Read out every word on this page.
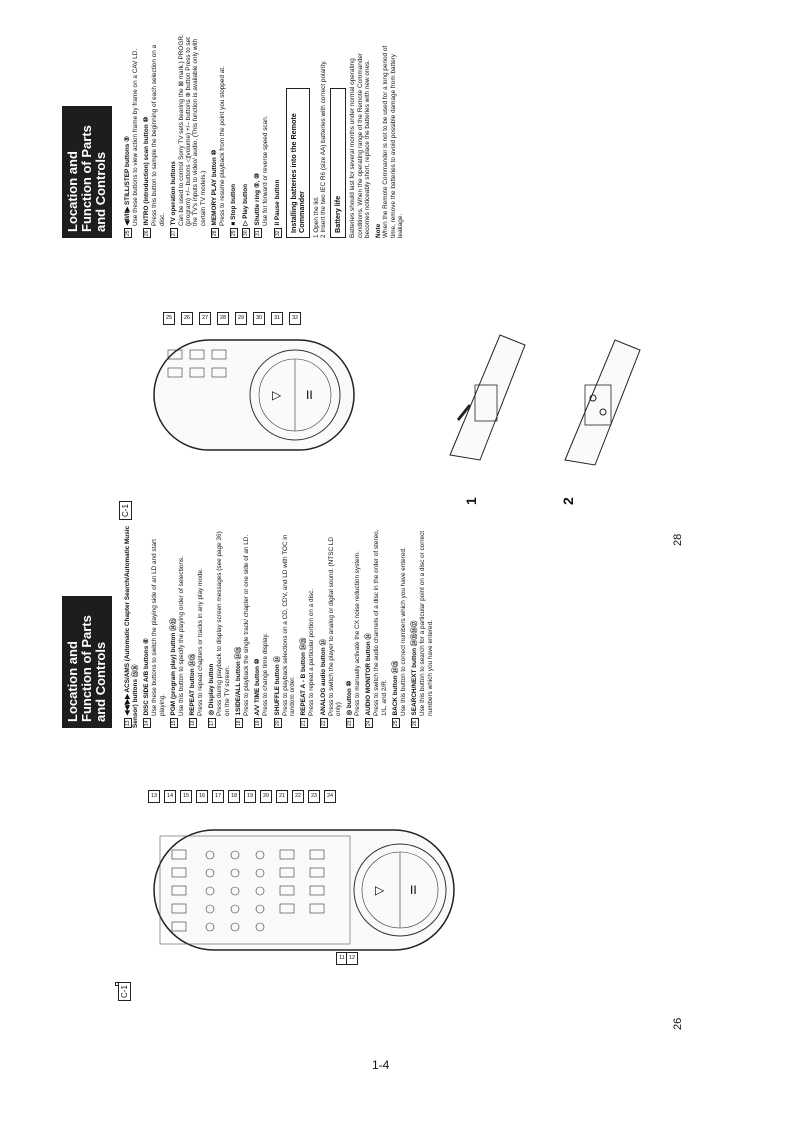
C-1
26
▷ II
11 12
13	14	15	16	17	18	19	20	21	22	23	24
Location and Function of Parts and Controls
13◀◀/▶▶ ACS/AMS (Automatic Chapter Search/Automatic Music Sensor) buttons ⑮⑯ 14DISC SIDE A/B buttons ⑥ Use these buttons to switch the playing side of an LD and start playing.
15PGM (program play) button ⑭⑮ Use this button to specify the playing order of selections.
16REPEAT button ⑭⑮ Press to repeat chapters or tracks in any play mode.
17◎ Display button Press during playback to display screen messages (see page 36) on the TV screen.
181SIDE/ALL button ⑭⑮ Press to playback the single track/ chapter or one side of an LD.
19A/V TIME button ⑩ Press to change time display.
20SHUFFLE button ⑭ Press to playback selections on a CD, CDV, and LD with TOC in random order.
21REPEAT A - B button ⑭⑮ Press to repeat a particular portion on a disc.
22ANALOG audio button ⑭ Press to switch the player to analog or digital sound. (NTSC LD only)
23◎ button ⑩ Press to manually activate the CX noise reduction system.
24AUDIO MONITOR button ⑭ Press to switch the audio channels of a disc in the order of stereo, 1/L, and 2/R.
25BACK button ⑭⑮ Use this button to correct numbers which you have entered.
26SEARCH/NEXT button ⑭⑮⑯⑰ Use this button to search for a particular point on a disc or correct numbers which you have entered.
C-1
28
▷ II
25	26	27	28	29	30	31	32
1	2
Location and Function of Parts and Controls
25◀II/II▶ STILL/STEP buttons ⑤ Use these buttons to view action frame by frame on a CAV LD.
26INTRO (introduction) scan button ⑩ Press this button to sample the beginning of each selection on a disc.
27TV operation buttons Can be used to control Sony TV sets bearing the ⊠ mark.) PROGR. (program) +/– buttons ◁(volume) +/– buttons ⊕ button Press to set the TV's inputs to video/ audio. (This function is available only with certain TV models.)
28MEMORY PLAY button ⑩ Press to resume playback from the point you stopped at.
29■ Stop button
30▷ Play button
31Shuttle ring ⑤, ⑩ Use for forward or reverse speed scan.
32II Pause button	Installing batteries into the Remote Commander	1 Open the lid. 2 Insert the two IEC R6 (size AA) batteries with correct polarity. Battery life	Batteries should last for several months under normal operating conditions. When the operating range of the Remote Commander becomes noticeably short, replace the batteries with new ones. Note When the Remote Commander is not to be used for a long period of time, remove the batteries to avoid possible damage from battery leakage.
1-4
